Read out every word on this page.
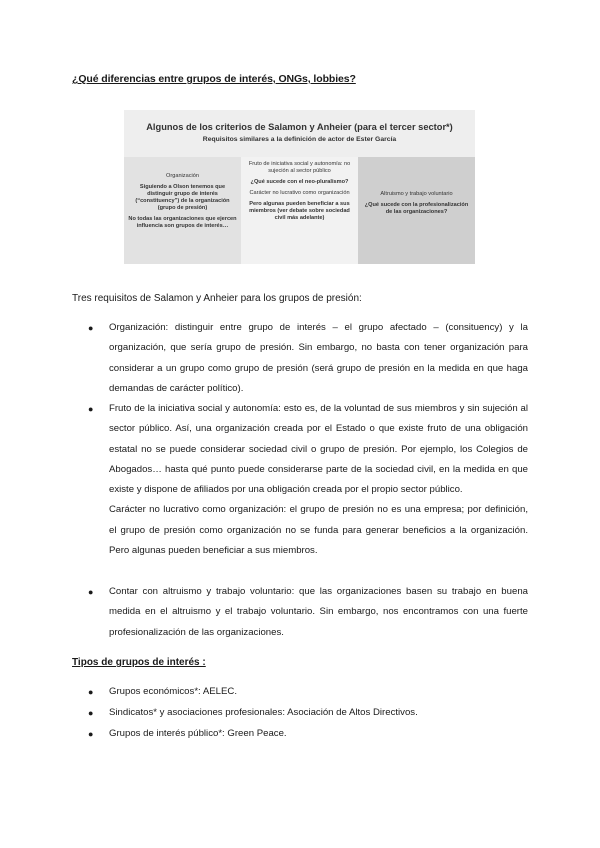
¿Qué diferencias entre grupos de interés, ONGs, lobbies?
Algunos de los criterios de Salamon y Anheier (para el tercer sector*)
Requisitos similares a la definición de actor de Ester García

Organización

Siguiendo a Olson tenemos que distinguir grupo de interés (“constituency”) de la organización (grupo de presión)

No todas las organizaciones que ejercen influencia son grupos de interés…

Fruto de iniciativa social y autonomía: no sujeción al sector público

¿Qué sucede con el neo-pluralismo?

Carácter no lucrativo como organización

Pero algunas pueden beneficiar a sus miembros (ver debate sobre sociedad civil más adelante)

Altruismo y trabajo voluntario

¿Qué sucede con la profesionalización de las organizaciones?

Tres requisitos de Salamon y Anheier para los grupos de presión:
● Organización: distinguir entre grupo de interés – el grupo afectado – (consituency) y la organización, que sería grupo de presión. Sin embargo, no basta con tener organización para considerar a un grupo como grupo de presión (será grupo de presión en la medida en que haga demandas de carácter político).

● Fruto de la iniciativa social y autonomía: esto es, de la voluntad de sus miembros y sin sujeción al sector público. Así, una organización creada por el Estado o que existe fruto de una obligación estatal no se puede considerar sociedad civil o grupo de presión. Por ejemplo, los Colegios de Abogados… hasta qué punto puede considerarse parte de la sociedad civil, en la medida en que existe y dispone de afiliados por una obligación creada por el propio sector público.

Carácter no lucrativo como organización: el grupo de presión no es una empresa; por definición, el grupo de presión como organización no se funda para generar beneficios a la organización. Pero algunas pueden beneficiar a sus miembros.

● Contar con altruismo y trabajo voluntario: que las organizaciones basen su trabajo en buena medida en el altruismo y el trabajo voluntario. Sin embargo, nos encontramos con una fuerte profesionalización de las organizaciones.

Tipos de grupos de interés :
● Grupos económicos*: AELEC.
● Sindicatos* y asociaciones profesionales: Asociación de Altos Directivos.
● Grupos de interés público*: Green Peace.
